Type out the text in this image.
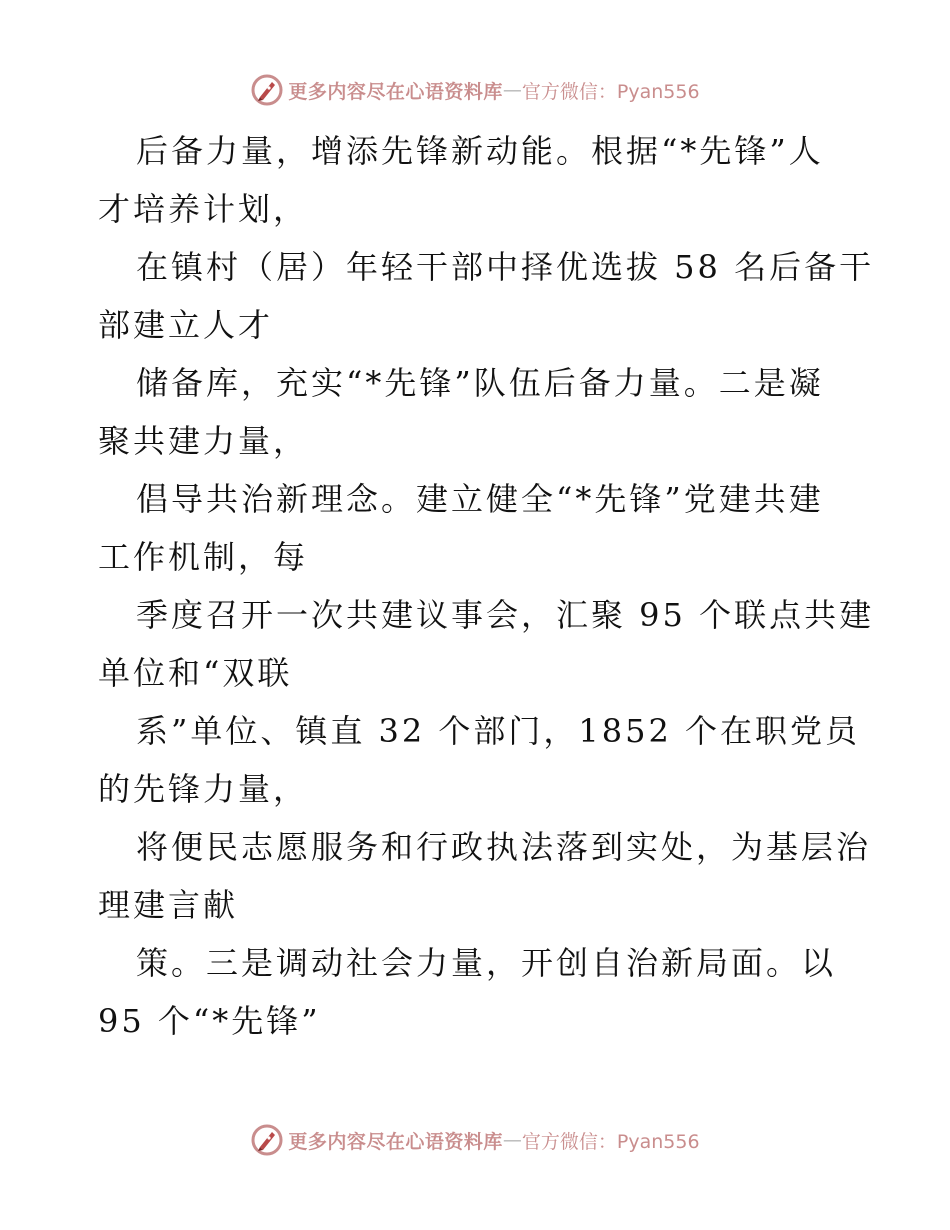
更多内容尽在心语资料库 — 官方微信：Pyan556
后备力量，增添先锋新动能。根据“*先锋”人
才培养计划，
在镇村（居）年轻干部中择优选拔 58 名后备干
部建立人才
储备库，充实“*先锋”队伍后备力量。二是凝
聚共建力量，
倡导共治新理念。建立健全“*先锋”党建共建
工作机制，每
季度召开一次共建议事会，汇聚 95 个联点共建
单位和“双联
系”单位、镇直 32 个部门，1852 个在职党员
的先锋力量，
将便民志愿服务和行政执法落到实处，为基层治
理建言献
策。三是调动社会力量，开创自治新局面。以
95 个“*先锋”
更多内容尽在心语资料库 — 官方微信：Pyan556
